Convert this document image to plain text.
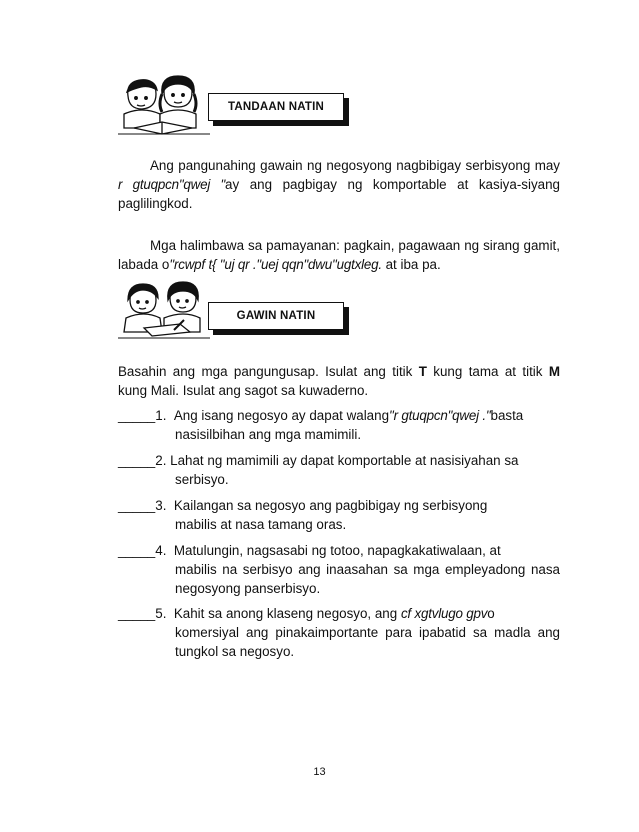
TANDAAN NATIN
Ang pangunahing gawain ng negosyong nagbibigay serbisyong may r gtuqpcn"qwej "ay ang pagbigay ng komportable at kasiya-siyang paglilingkod.
Mga halimbawa sa pamayanan: pagkain, pagawaan ng sirang gamit, labada o"rcwpf t{ "uj qr ."uej qqn"dwu"ugtxleg. at iba pa.
GAWIN NATIN
Basahin ang mga pangungusap. Isulat ang titik T kung tama at titik M kung Mali. Isulat ang sagot sa kuwaderno.
_____ 1. Ang isang negosyo ay dapat walang"r gtuqpcn"qwej ."basta
nasisilbihan ang mga mamimili.
_____ 2. Lahat ng mamimili ay dapat komportable at nasisiyahan sa
serbisyo.
_____ 3. Kailangan sa negosyo ang pagbibigay ng serbisyong
mabilis at nasa tamang oras.
_____ 4. Matulungin, nagsasabi ng totoo, napagkakatiwalaan, at
mabilis na serbisyo ang inaasahan sa mga empleyadong nasa negosyong panserbisyo.
_____ 5. Kahit sa anong klaseng negosyo, ang cf xgtvlugo gpvo
komersiyal ang pinakaimportante para ipabatid sa madla ang tungkol sa negosyo.
13
